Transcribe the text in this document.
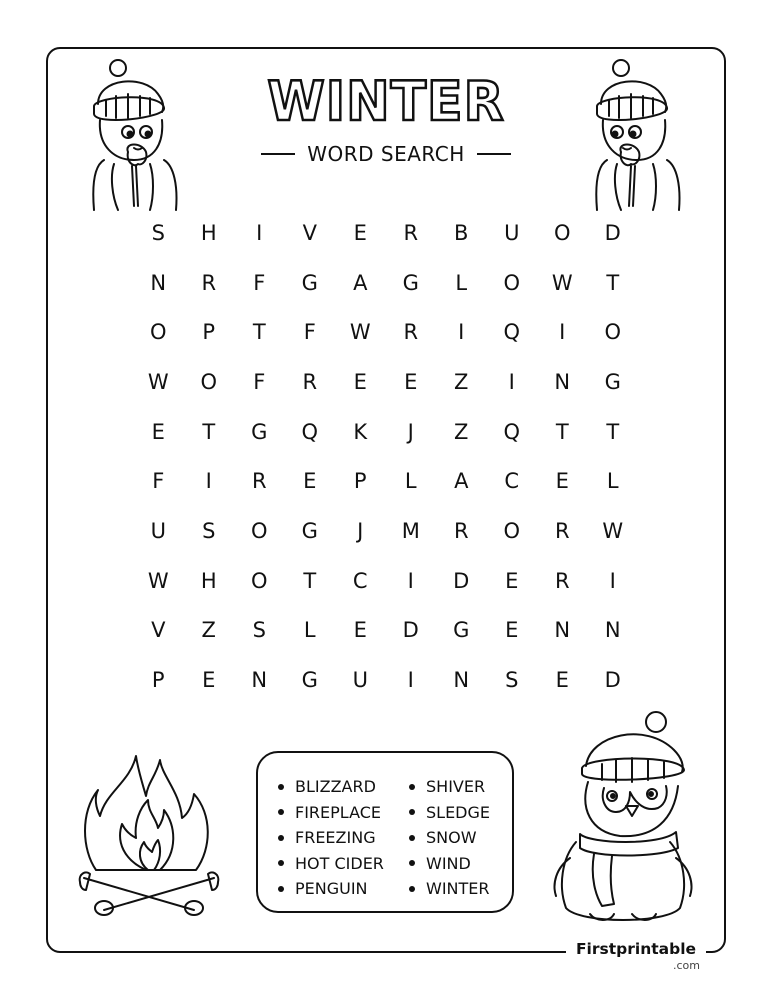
WINTER
WORD SEARCH
S	H	I	V	E	R	B	U	O	D
N	R	F	G	A	G	L	O	W	T
O	P	T	F	W	R	I	Q	I	O
W	O	F	R	E	E	Z	I	N	G
E	T	G	Q	K	J	Z	Q	T	T
F	I	R	E	P	L	A	C	E	L
U	S	O	G	J	M	R	O	R	W
W	H	O	T	C	I	D	E	R	I
V	Z	S	L	E	D	G	E	N	N
P	E	N	G	U	I	N	S	E	D
BLIZZARD
FIREPLACE
FREEZING
HOT CIDER
PENGUIN
SHIVER
SLEDGE
SNOW
WIND
WINTER
Firstprintable
.com
